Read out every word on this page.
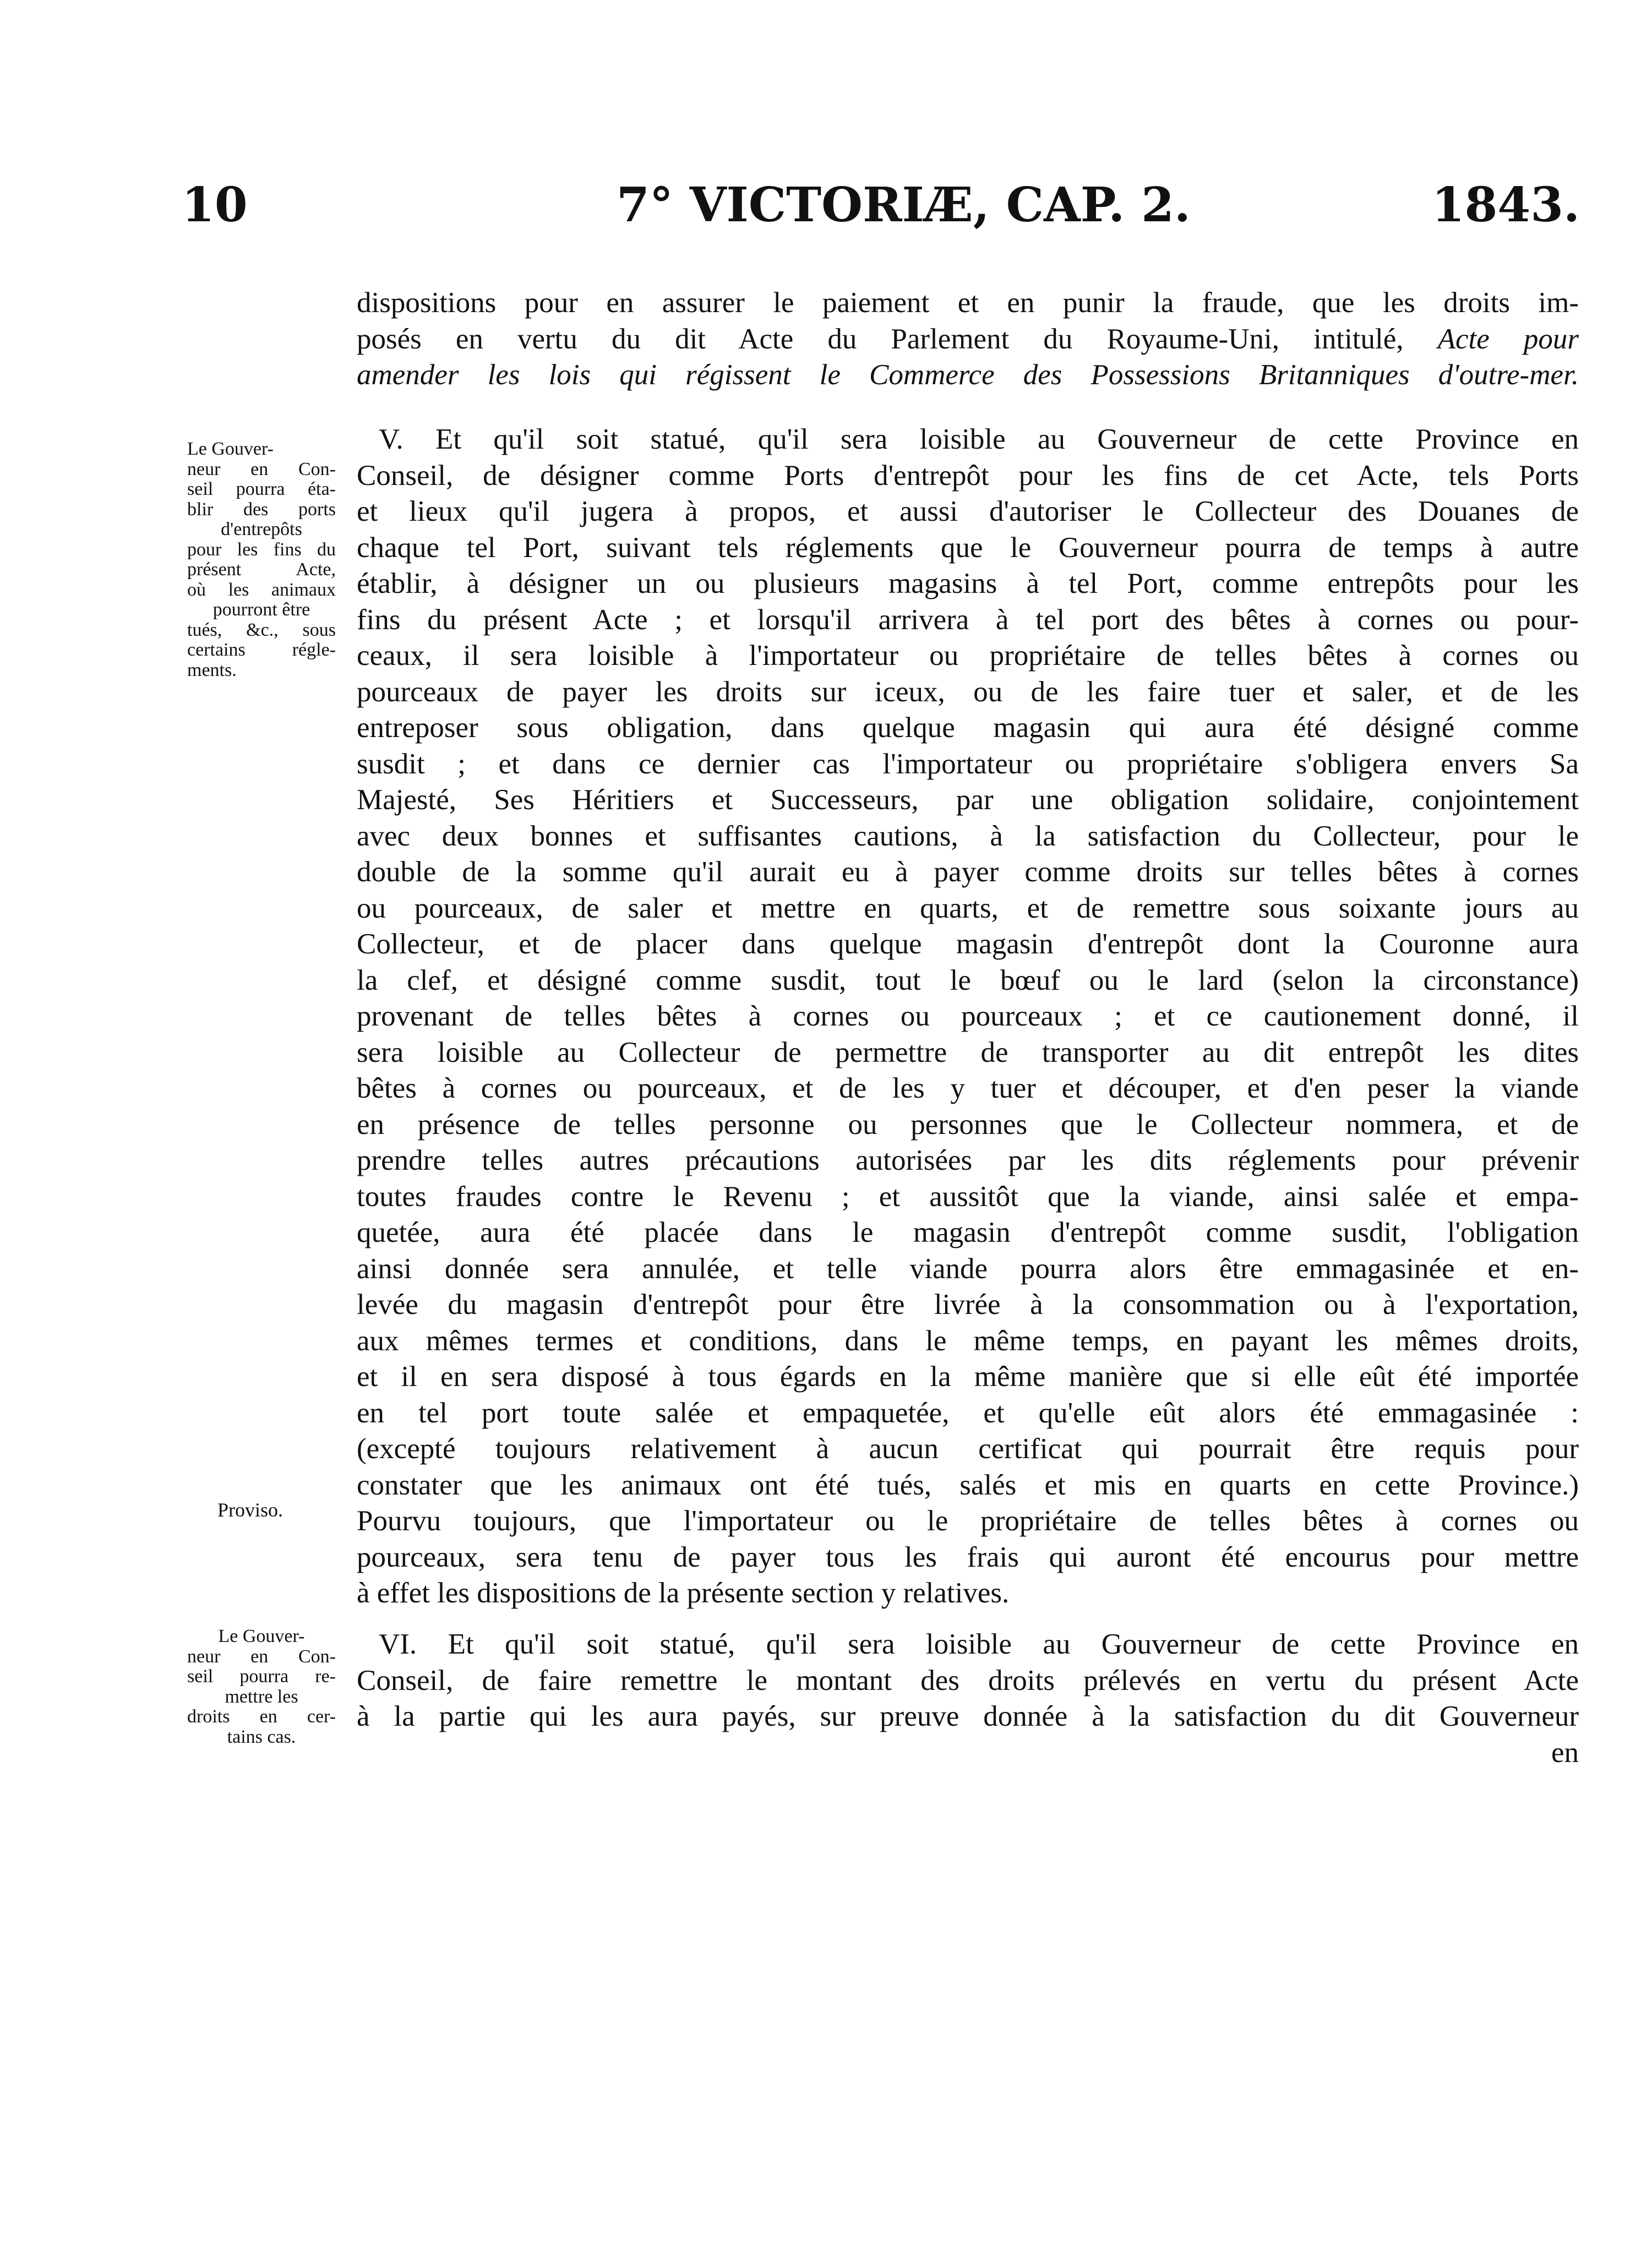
10	7° VICTORIÆ, CAP. 2.	1843.
dispositions pour en assurer le paiement et en punir la fraude, que les droits im-
posés en vertu du dit Acte du Parlement du Royaume-Uni, intitulé, Acte pour
amender les lois qui régissent le Commerce des Possessions Britanniques d'outre-mer.
Le Gouver-
neur en Con-
seil pourra éta-
blir des ports
d'entrepôts
pour les fins du
présent Acte,
où les animaux
pourront être
tués, &c., sous
certains régle-
ments.
V. Et qu'il soit statué, qu'il sera loisible au Gouverneur de cette Province en
Conseil, de désigner comme Ports d'entrepôt pour les fins de cet Acte, tels Ports
et lieux qu'il jugera à propos, et aussi d'autoriser le Collecteur des Douanes de
chaque tel Port, suivant tels réglements que le Gouverneur pourra de temps à autre
établir, à désigner un ou plusieurs magasins à tel Port, comme entrepôts pour les
fins du présent Acte ; et lorsqu'il arrivera à tel port des bêtes à cornes ou pour-
ceaux, il sera loisible à l'importateur ou propriétaire de telles bêtes à cornes ou
pourceaux de payer les droits sur iceux, ou de les faire tuer et saler, et de les
entreposer sous obligation, dans quelque magasin qui aura été désigné comme
susdit ; et dans ce dernier cas l'importateur ou propriétaire s'obligera envers Sa
Majesté, Ses Héritiers et Successeurs, par une obligation solidaire, conjointement
avec deux bonnes et suffisantes cautions, à la satisfaction du Collecteur, pour le
double de la somme qu'il aurait eu à payer comme droits sur telles bêtes à cornes
ou pourceaux, de saler et mettre en quarts, et de remettre sous soixante jours au
Collecteur, et de placer dans quelque magasin d'entrepôt dont la Couronne aura
la clef, et désigné comme susdit, tout le bœuf ou le lard (selon la circonstance)
provenant de telles bêtes à cornes ou pourceaux ; et ce cautionement donné, il
sera loisible au Collecteur de permettre de transporter au dit entrepôt les dites
bêtes à cornes ou pourceaux, et de les y tuer et découper, et d'en peser la viande
en présence de telles personne ou personnes que le Collecteur nommera, et de
prendre telles autres précautions autorisées par les dits réglements pour prévenir
toutes fraudes contre le Revenu ; et aussitôt que la viande, ainsi salée et empa-
quetée, aura été placée dans le magasin d'entrepôt comme susdit, l'obligation
ainsi donnée sera annulée, et telle viande pourra alors être emmagasinée et en-
levée du magasin d'entrepôt pour être livrée à la consommation ou à l'exportation,
aux mêmes termes et conditions, dans le même temps, en payant les mêmes droits,
et il en sera disposé à tous égards en la même manière que si elle eût été importée
en tel port toute salée et empaquetée, et qu'elle eût alors été emmagasinée :
(excepté toujours relativement à aucun certificat qui pourrait être requis pour
constater que les animaux ont été tués, salés et mis en quarts en cette Province.)
Pourvu toujours, que l'importateur ou le propriétaire de telles bêtes à cornes ou
pourceaux, sera tenu de payer tous les frais qui auront été encourus pour mettre
à effet les dispositions de la présente section y relatives.
Proviso.
Le Gouver-
neur en Con-
seil pourra re-
mettre les
droits en cer-
tains cas.
VI. Et qu'il soit statué, qu'il sera loisible au Gouverneur de cette Province en
Conseil, de faire remettre le montant des droits prélevés en vertu du présent Acte
à la partie qui les aura payés, sur preuve donnée à la satisfaction du dit Gouverneur
en
